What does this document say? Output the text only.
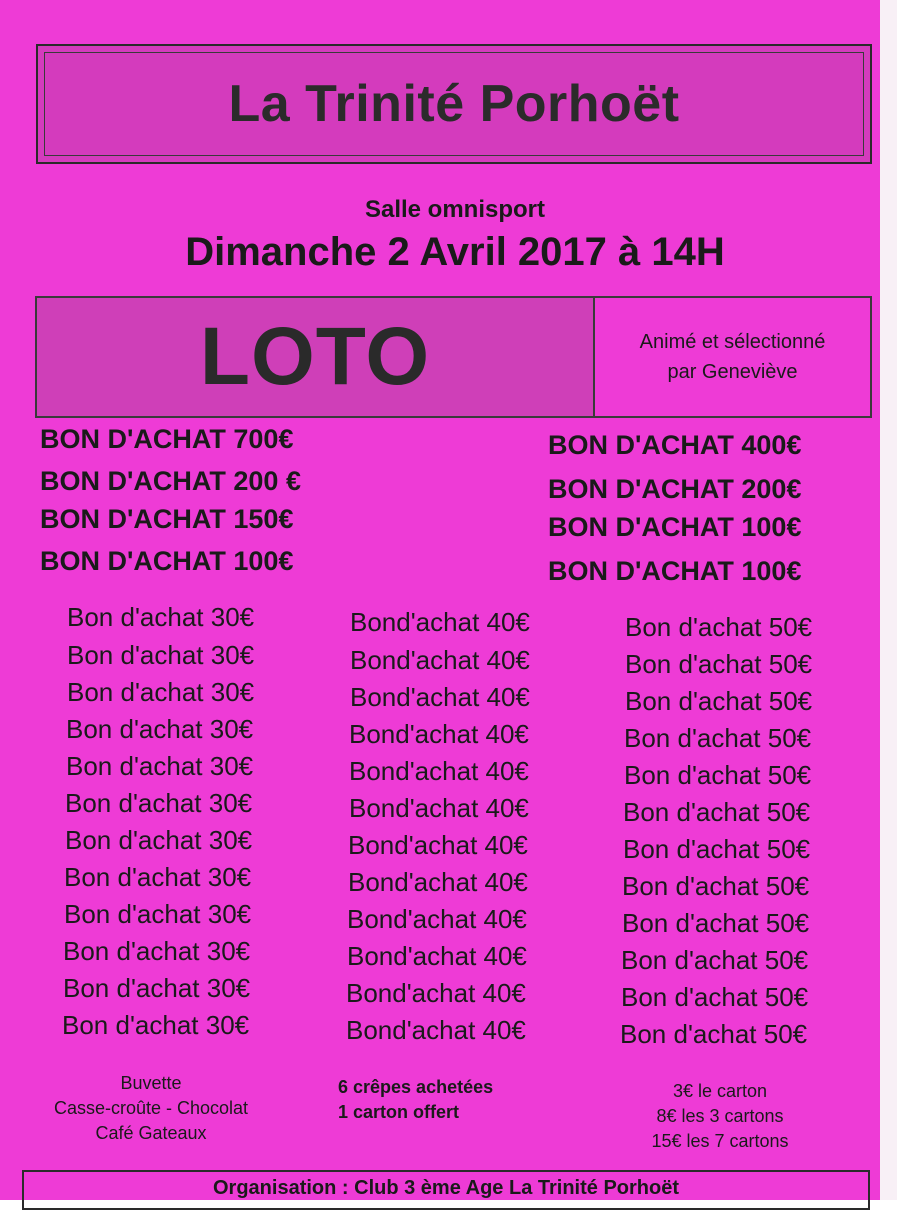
La Trinité Porhoët
Salle omnisport
Dimanche 2 Avril 2017 à 14H
LOTO	Animé et sélectionné
par Geneviève
BON D'ACHAT 700€
BON D'ACHAT 200 €
BON D'ACHAT 150€
BON D'ACHAT 100€
BON D'ACHAT 400€
BON D'ACHAT 200€
BON D'ACHAT 100€
BON D'ACHAT 100€
Bon d'achat 30€
Bon d'achat 30€
Bon d'achat 30€
Bon d'achat 30€
Bon d'achat 30€
Bon d'achat 30€
Bon d'achat 30€
Bon d'achat 30€
Bon d'achat 30€
Bon d'achat 30€
Bon d'achat 30€
Bon d'achat 30€
Bond'achat 40€
Bond'achat 40€
Bond'achat 40€
Bond'achat 40€
Bond'achat 40€
Bond'achat 40€
Bond'achat 40€
Bond'achat 40€
Bond'achat 40€
Bond'achat 40€
Bond'achat 40€
Bond'achat 40€
Bon d'achat 50€
Bon d'achat 50€
Bon d'achat 50€
Bon d'achat 50€
Bon d'achat 50€
Bon d'achat 50€
Bon d'achat 50€
Bon d'achat 50€
Bon d'achat 50€
Bon d'achat 50€
Bon d'achat 50€
Bon d'achat 50€
Buvette
Casse-croûte - Chocolat
Café Gateaux
6 crêpes achetées
1 carton offert
3€ le carton
8€ les 3 cartons
15€ les 7 cartons
Organisation : Club 3 ème Age La Trinité Porhoët
